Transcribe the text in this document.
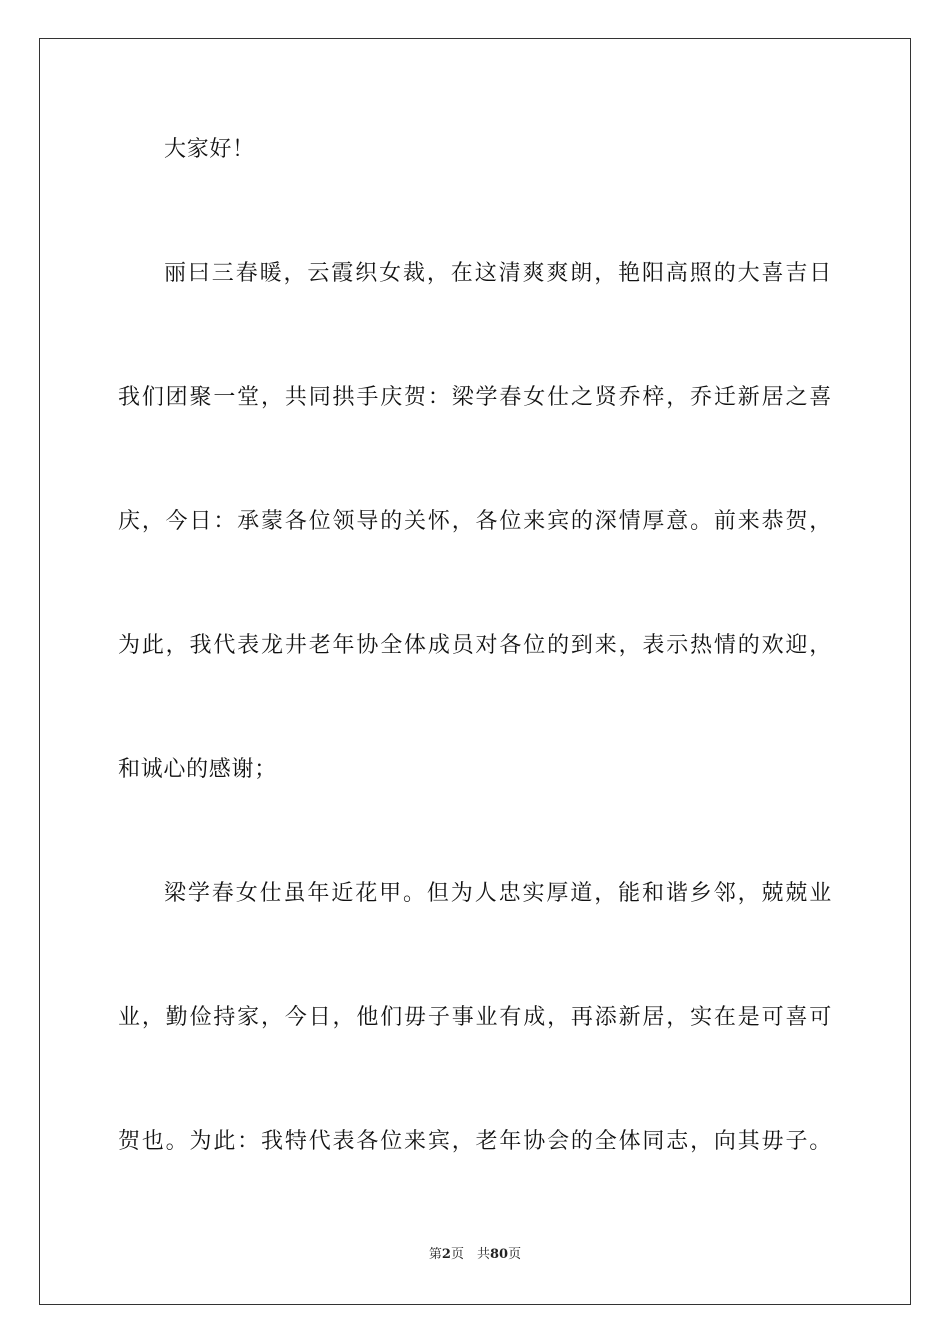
大家好！
丽曰三春暖，云霞织女裁，在这清爽爽朗，艳阳高照的大喜吉日
我们团聚一堂，共同拱手庆贺：梁学春女仕之贤乔梓，乔迁新居之喜
庆，今日：承蒙各位领导的关怀，各位来宾的深情厚意。前来恭贺，
为此，我代表龙井老年协全体成员对各位的到来，表示热情的欢迎，
和诚心的感谢；
梁学春女仕虽年近花甲。但为人忠实厚道，能和谐乡邻，兢兢业
业，勤俭持家，今日，他们毋子事业有成，再添新居，实在是可喜可
贺也。为此：我特代表各位来宾，老年协会的全体同志，向其毋子。
第2页　共80页
